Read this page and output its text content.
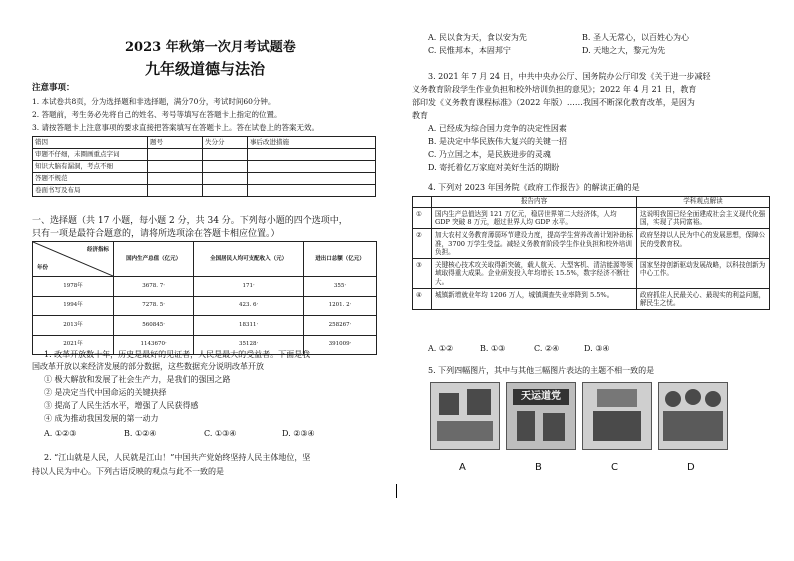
2023 年秋第一次月考试题卷
九年级道德与法治
注意事项：
1. 本试卷共8页，分为选择题和非选择题，满分70分，考试时间60分钟。
2. 答题前，考生务必先将自己的姓名、考号等填写在答题卡上指定的位置。
3. 请按答题卡上注意事项的要求直接把答案填写在答题卡上。答在试卷上的答案无效。
错因	题号	失分分	事后改进措施
审题不仔细，未圈画重点字词			
知识大脑有漏洞，考点不细			
答题不规范			
卷面书写及布局			
一、选择题（共 17 小题，每小题 2 分，共 34 分。下列每小题的四个选项中，
只有一项是最符合题意的，请将所选项涂在答题卡相应位置。）
经济指标
年份	国内生产总值（亿元）	全国居民人均可支配收入（元）	进出口总额（亿元）
1978年	3678. 7·	171·	355·
1994年	7278. 5·	423. 6·	1201. 2·
2013年	560845·	18311·	258267·
2021年	1143670·	35128·	391009·
1. 改革开放数十年，历史是最好的见证者，人民是最大的受益者。下面是我
国改革开放以来经济发展的部分数据，这些数据充分说明改革开放
① 极大解放和发展了社会生产力，是我们的强国之路
② 是决定当代中国命运的关键抉择
③ 提高了人民生活水平，增强了人民获得感
④ 成为推动我国发展的第一动力
A. ①②③	B. ①②④	C. ①③④	D. ②③④
2. “江山就是人民，人民就是江山！”中国共产党始终坚持人民主体地位，坚
持以人民为中心。下列古语反映的观点与此不一致的是
A. 民以食为天，食以安为先	B. 圣人无常心，以百姓心为心
C. 民惟邦本，本固邦宁	D. 天地之大，黎元为先
3. 2021 年 7 月 24 日，中共中央办公厅、国务院办公厅印发《关于进一步减轻
义务教育阶段学生作业负担和校外培训负担的意见》；2022 年 4 月 21 日，教育
部印发《义务教育课程标准》（2022 年版）……我国不断深化教育改革，是因为
教育
A. 已经成为综合国力竞争的决定性因素
B. 是决定中华民族伟大复兴的关键一招
C. 乃立国之本，是民族进步的灵魂
D. 寄托着亿万家庭对美好生活的期盼
4. 下列对 2023 年国务院《政府工作报告》的解读正确的是
	报告内容	学科观点解读
①	国内生产总值达到 121 万亿元，稳居世界第二大经济体，人均 GDP 突破 8 万元，超过世界人均 GDP 水平。	这说明我国已经全面建成社会主义现代化强国，实现了共同富裕。
②	加大农村义务教育薄弱环节建设力度，提高学生营养改善计划补助标准，3700 万学生受益。减轻义务教育阶段学生作业负担和校外培训负担。	政府坚持以人民为中心的发展思想，保障公民的受教育权。
③	关键核心技术攻关取得新突破，载人航天、大型客机、清洁能源等领域取得重大成果。企业研发投入年均增长 15.5%，数字经济不断壮大。	国家坚持创新驱动发展战略，以科技创新为中心工作。
④	城镇新增就业年均 1206 万人，城镇调查失业率降到 5.5%。	政府抓住人民最关心、最现实的利益问题，解民生之忧。
A. ①②	B. ①③	C. ②④	D. ③④
5. 下列四幅图片，其中与其他三幅图片表达的主题不相一致的是
天运道党
A	B	C	D
